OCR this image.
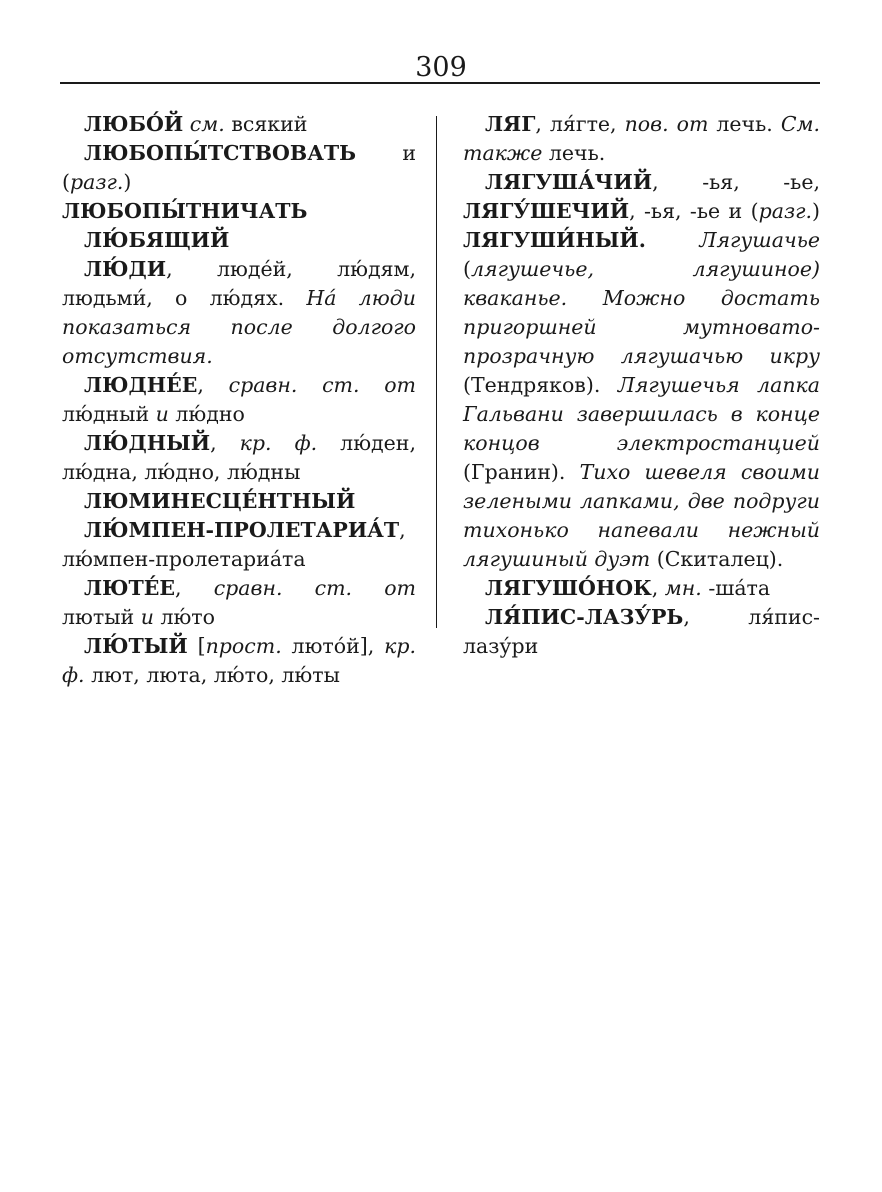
309

ЛЮБО́Й см. всякий

ЛЮБОПЫ́ТСТВОВАТЬ и (разг.)

ЛЮБОПЫ́ТНИЧАТЬ

ЛЮ́БЯЩИЙ

ЛЮ́ДИ, люде́й, лю́дям, людьми́, о лю́дях. На́ люди показаться после долгого отсутствия.

ЛЮДНЕ́Е, сравн. ст. от лю́дный и лю́дно

ЛЮ́ДНЫЙ, кр. ф. лю́ден, лю́дна, лю́дно, лю́дны

ЛЮМИНЕСЦЕ́НТНЫЙ

ЛЮ́МПЕН-ПРОЛЕТАРИА́Т, лю́мпен-пролетариа́та

ЛЮТЕ́Е, сравн. ст. от лютый и лю́то

ЛЮ́ТЫЙ [прост. люто́й], кр. ф. лют, люта, лю́то, лю́ты

ЛЯГ, ля́гте, пов. от лечь. См. также лечь.

ЛЯГУША́ЧИЙ, -ья, -ье, ЛЯГУ́ШЕЧИЙ, -ья, -ье и (разг.) ЛЯГУШИ́НЫЙ.	Лягушачье (лягушечье, лягушиное) кваканье. Можно достать пригоршней мутновато-прозрачную лягушачью икру (Тендряков). Лягушечья лапка Гальвани завершилась в конце концов электростанцией (Гранин). Тихо шевеля своими зелеными лапками, две подруги тихонько напевали нежный лягушиный дуэт (Скиталец).

ЛЯГУШО́НОК, мн. -ша́та

ЛЯ́ПИС-ЛАЗУ́РЬ, ля́пис-лазу́ри
